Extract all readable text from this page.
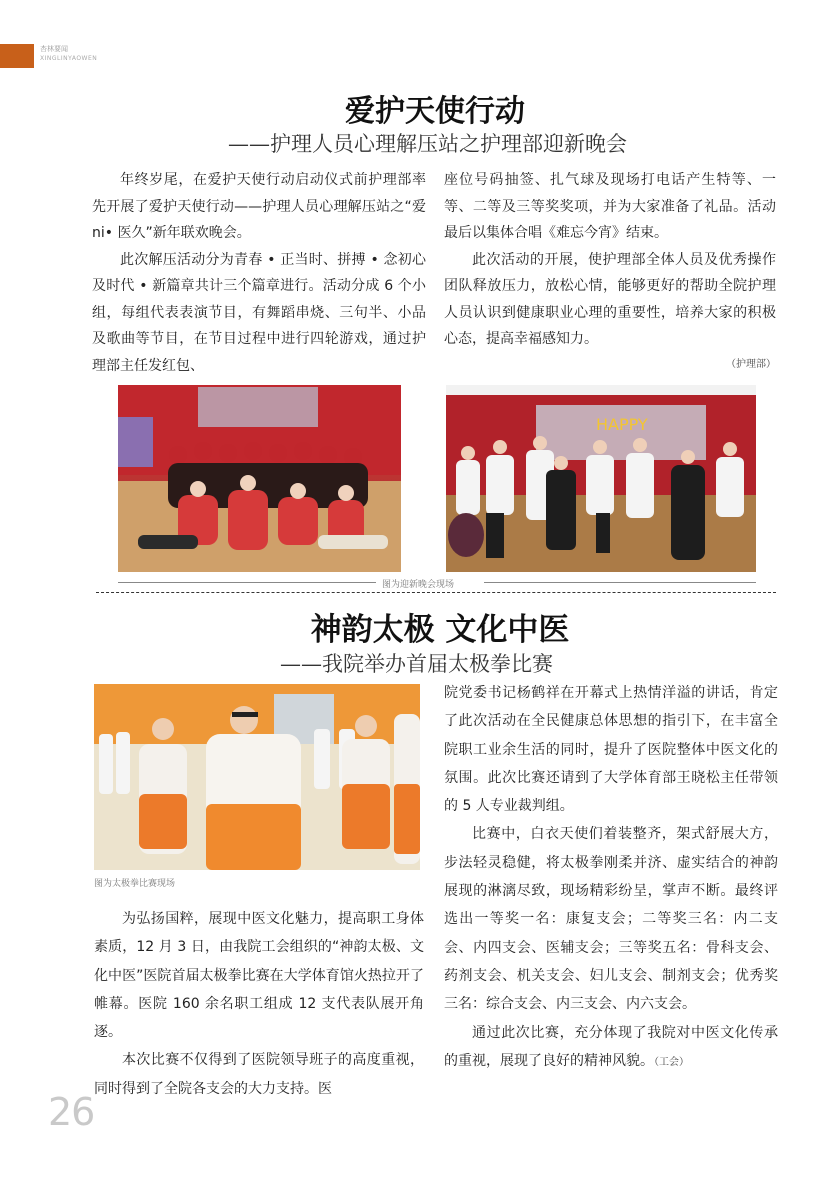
杏林要闻
XINGLINYAOWEN
爱护天使行动
——护理人员心理解压站之护理部迎新晚会

年终岁尾，在爱护天使行动启动仪式前护理部率先开展了爱护天使行动——护理人员心理解压站之“爱 ni• 医久”新年联欢晚会。

此次解压活动分为青春 • 正当时、拼搏 • 念初心及时代 • 新篇章共计三个篇章进行。活动分成 6 个小组，每组代表表演节目，有舞蹈串烧、三句半、小品及歌曲等节目，在节目过程中进行四轮游戏，通过护理部主任发红包、

座位号码抽签、扎气球及现场打电话产生特等、一等、二等及三等奖奖项，并为大家准备了礼品。活动最后以集体合唱《难忘今宵》结束。

此次活动的开展，使护理部全体人员及优秀操作团队释放压力，放松心情，能够更好的帮助全院护理人员认识到健康职业心理的重要性，培养大家的积极心态，提高幸福感知力。

（护理部）
HAPPY
图为迎新晚会现场
神韵太极 文化中医
——我院举办首届太极拳比赛
图为太极拳比赛现场

为弘扬国粹，展现中医文化魅力，提高职工身体素质，12 月 3 日，由我院工会组织的“神韵太极、文化中医”医院首届太极拳比赛在大学体育馆火热拉开了帷幕。医院 160 余名职工组成 12 支代表队展开角逐。

本次比赛不仅得到了医院领导班子的高度重视，同时得到了全院各支会的大力支持。医

院党委书记杨鹤祥在开幕式上热情洋溢的讲话，肯定了此次活动在全民健康总体思想的指引下，在丰富全院职工业余生活的同时，提升了医院整体中医文化的氛围。此次比赛还请到了大学体育部王晓松主任带领的 5 人专业裁判组。

比赛中，白衣天使们着装整齐，架式舒展大方，步法轻灵稳健，将太极拳刚柔并济、虚实结合的神韵展现的淋漓尽致，现场精彩纷呈，掌声不断。最终评选出一等奖一名：康复支会；二等奖三名：内二支会、内四支会、医辅支会；三等奖五名：骨科支会、药剂支会、机关支会、妇儿支会、制剂支会；优秀奖三名：综合支会、内三支会、内六支会。

通过此次比赛，充分体现了我院对中医文化传承的重视，展现了良好的精神风貌。（工会）

26
